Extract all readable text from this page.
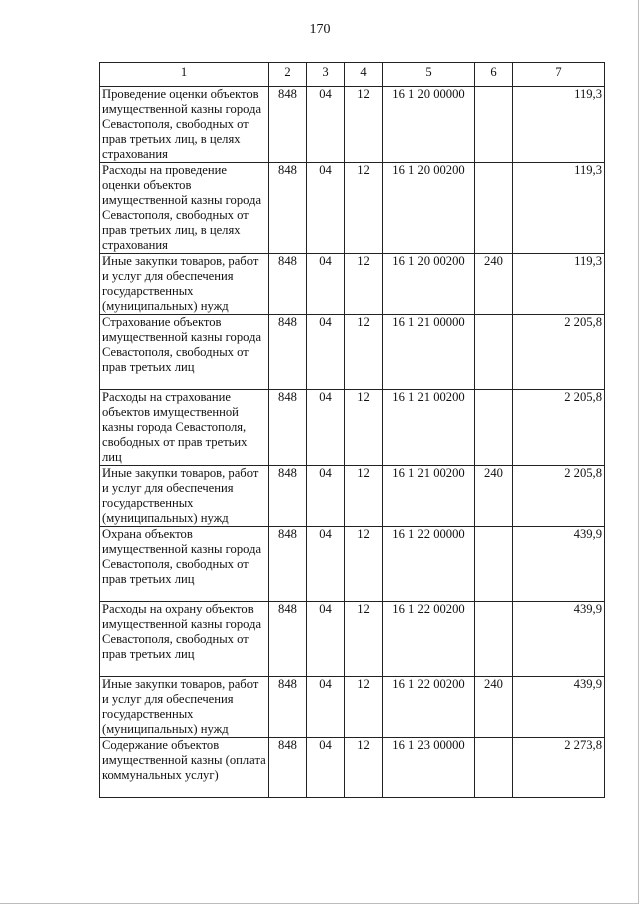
170
1	2	3	4	5	6	7
Проведение оценки объектов имущественной казны города Севастополя, свободных от прав третьих лиц, в целях страхования	848	04	12	16 1 20 00000		119,3
Расходы на проведение оценки объектов имущественной казны города Севастополя, свободных от прав третьих лиц, в целях страхования	848	04	12	16 1 20 00200		119,3
Иные закупки товаров, работ и услуг для обеспечения государственных (муниципальных) нужд	848	04	12	16 1 20 00200	240	119,3
Страхование объектов имущественной казны города Севастополя, свободных от прав третьих лиц	848	04	12	16 1 21 00000		2 205,8
Расходы на страхование объектов имущественной казны города Севастополя, свободных от прав третьих лиц	848	04	12	16 1 21 00200		2 205,8
Иные закупки товаров, работ и услуг для обеспечения государственных (муниципальных) нужд	848	04	12	16 1 21 00200	240	2 205,8
Охрана объектов имущественной казны города Севастополя, свободных от прав третьих лиц	848	04	12	16 1 22 00000		439,9
Расходы на охрану объектов имущественной казны города Севастополя, свободных от прав третьих лиц	848	04	12	16 1 22 00200		439,9
Иные закупки товаров, работ и услуг для обеспечения государственных (муниципальных) нужд	848	04	12	16 1 22 00200	240	439,9
Содержание объектов имущественной казны (оплата коммунальных услуг)	848	04	12	16 1 23 00000		2 273,8
